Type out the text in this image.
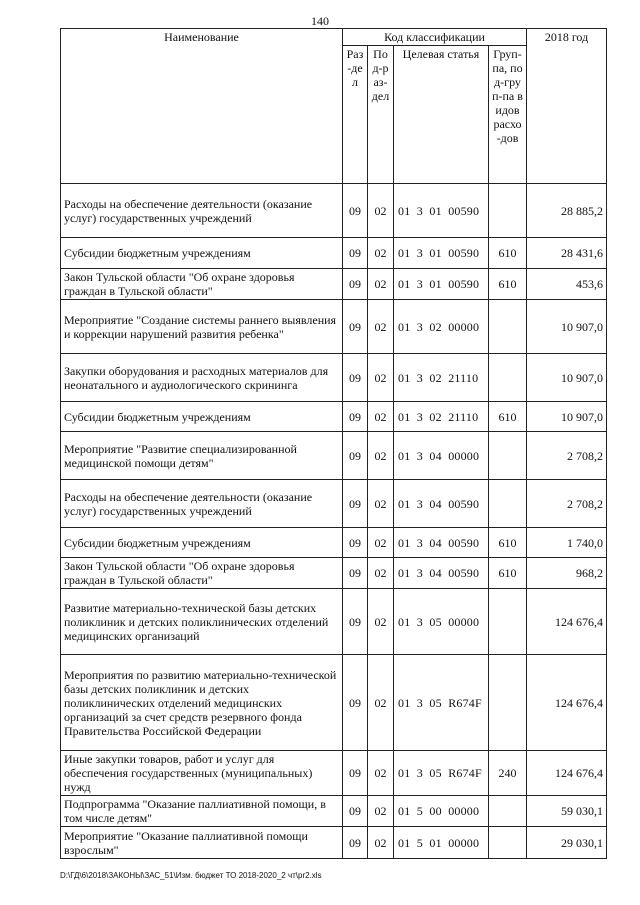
140
Наименование	Код классификации				2018 год
	Раз-дел	Под-раз-дел	Целевая статья	Груп-па, под-груп-па видов расхо-дов	
Расходы на обеспечение деятельности (оказание услуг) государственных учреждений	09	02	01  3  01  00590		28 885,2
Субсидии бюджетным учреждениям	09	02	01  3  01  00590	610	28 431,6
Закон Тульской области "Об охране здоровья граждан в Тульской области"	09	02	01  3  01  00590	610	453,6
Мероприятие "Создание системы раннего выявления и коррекции нарушений развития ребенка"	09	02	01  3  02  00000		10 907,0
Закупки оборудования и расходных материалов для неонатального и аудиологического скрининга	09	02	01  3  02  21110		10 907,0
Субсидии бюджетным учреждениям	09	02	01  3  02  21110	610	10 907,0
Мероприятие "Развитие специализированной медицинской помощи детям"	09	02	01  3  04  00000		2 708,2
Расходы на обеспечение деятельности (оказание услуг) государственных учреждений	09	02	01  3  04  00590		2 708,2
Субсидии бюджетным учреждениям	09	02	01  3  04  00590	610	1 740,0
Закон Тульской области "Об охране здоровья граждан в Тульской области"	09	02	01  3  04  00590	610	968,2
Развитие материально-технической базы детских поликлиник и детских поликлинических отделений медицинских организаций	09	02	01  3  05  00000		124 676,4
Мероприятия по развитию материально-технической базы детских поликлиник и детских поликлинических отделений медицинских организаций за счет средств резервного фонда Правительства Российской Федерации	09	02	01  3  05  R674F		124 676,4
Иные закупки товаров, работ и услуг для обеспечения государственных (муниципальных) нужд	09	02	01  3  05  R674F	240	124 676,4
Подпрограмма "Оказание паллиативной помощи, в том числе детям"	09	02	01  5  00  00000		59 030,1
Мероприятие "Оказание паллиативной помощи взрослым"	09	02	01  5  01  00000		29 030,1
D:\ГД\6\2018\ЗАКОНЫ\ЗАС_51\Изм. бюджет ТО 2018-2020_2 чт\pr2.xls
